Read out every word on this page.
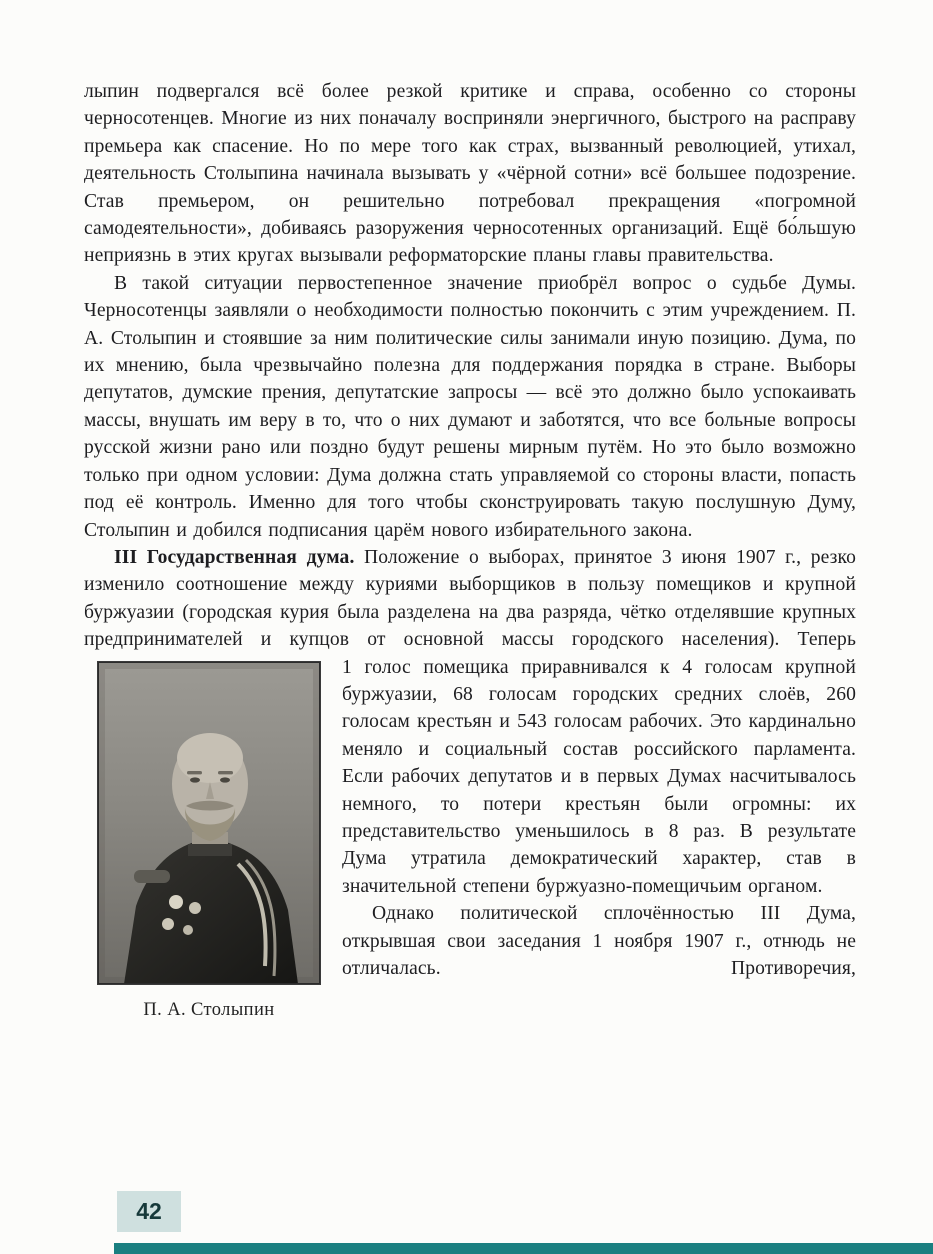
лыпин подвергался всё более резкой критике и справа, особенно со стороны черносотенцев. Многие из них поначалу восприняли энергичного, быстрого на расправу премьера как спасение. Но по мере того как страх, вызванный революцией, утихал, деятельность Столыпина начинала вызывать у «чёрной сотни» всё большее подозрение. Став премьером, он решительно потребовал прекращения «погромной самодеятельности», добиваясь разоружения черносотенных организаций. Ещё бо́льшую неприязнь в этих кругах вызывали реформаторские планы главы правительства.

В такой ситуации первостепенное значение приобрёл вопрос о судьбе Думы. Черносотенцы заявляли о необходимости полностью покончить с этим учреждением. П. А. Столыпин и стоявшие за ним политические силы занимали иную позицию. Дума, по их мнению, была чрезвычайно полезна для поддержания порядка в стране. Выборы депутатов, думские прения, депутатские запросы — всё это должно было успокаивать массы, внушать им веру в то, что о них думают и заботятся, что все больные вопросы русской жизни рано или поздно будут решены мирным путём. Но это было возможно только при одном условии: Дума должна стать управляемой со стороны власти, попасть под её контроль. Именно для того чтобы сконструировать такую послушную Думу, Столыпин и добился подписания царём нового избирательного закона.

III Государственная дума. Положение о выборах, принятое 3 июня 1907 г., резко изменило соотношение между куриями выборщиков в пользу помещиков и крупной буржуазии (городская курия была разделена на два разряда, чётко отделявшие крупных предпринимателей и купцов от основной массы городского населения). Теперь

П. А. Столыпин

1 голос помещика приравнивался к 4 голосам крупной буржуазии, 68 голосам городских средних слоёв, 260 голосам крестьян и 543 голосам рабочих. Это кардинально меняло и социальный состав российского парламента. Если рабочих депутатов и в первых Думах насчитывалось немного, то потери крестьян были огромны: их представительство уменьшилось в 8 раз. В результате Дума утратила демократический характер, став в значительной степени буржуазно-помещичьим органом.

Однако политической сплочённостью III Дума, открывшая свои заседания 1 ноября 1907 г., отнюдь не отличалась. Противоречия,

42
